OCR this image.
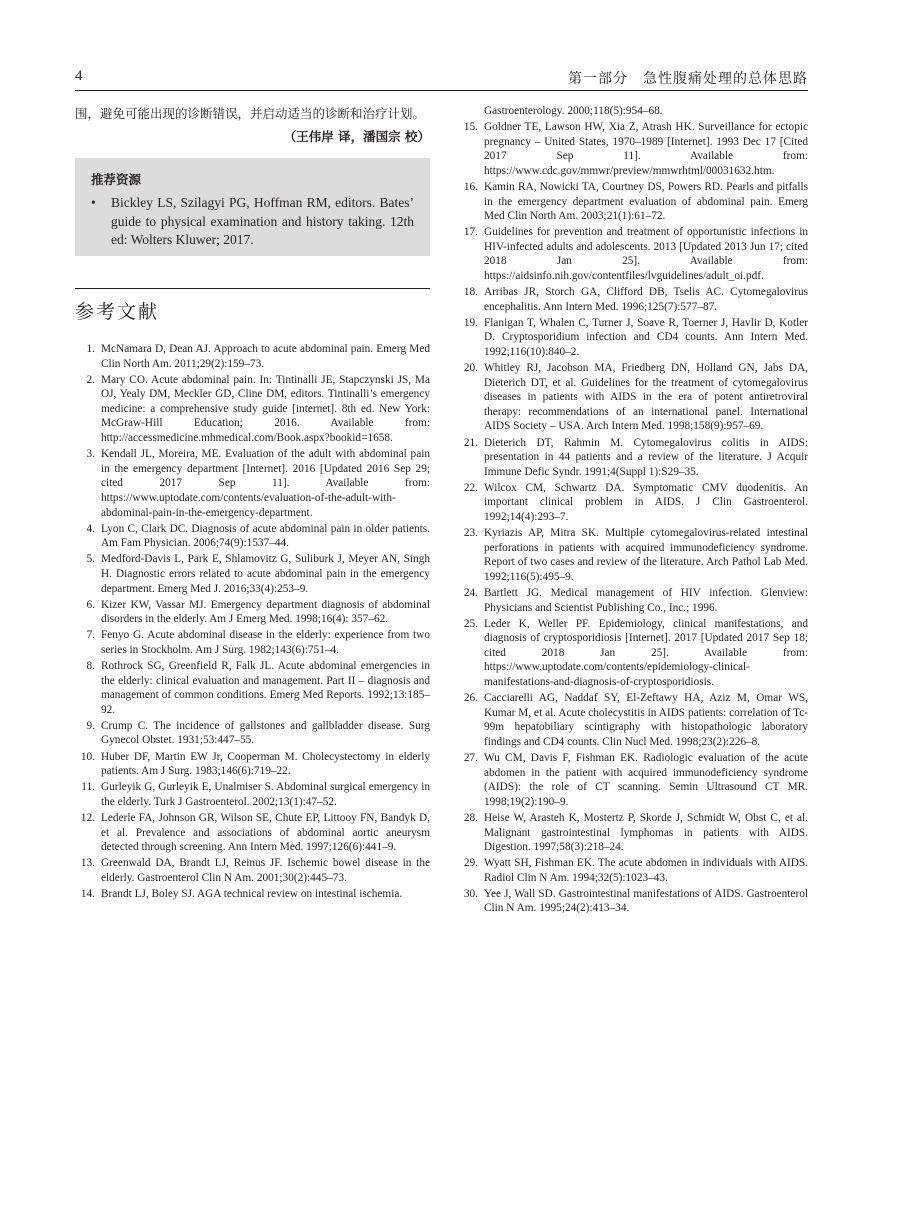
4	第一部分　急性腹痛处理的总体思路
围，避免可能出现的诊断错误，并启动适当的诊断和治疗计划。
（王伟岸 译，潘国宗 校）
推荐资源
•	Bickley LS, Szilagyi PG, Hoffman RM, editors. Bates’ guide to physical examination and history taking. 12th ed: Wolters Kluwer; 2017.
参考文献
1. McNamara D, Dean AJ. Approach to acute abdominal pain. Emerg Med Clin North Am. 2011;29(2):159–73.
2. Mary CO. Acute abdominal pain. In: Tintinalli JE, Stapczynski JS, Ma OJ, Yealy DM, Meckler GD, Cline DM, editors. Tintinalli’s emergency medicine: a comprehensive study guide [internet]. 8th ed. New York: McGraw-Hill Education; 2016. Available from: http://accessmedicine.mhmedical.com/Book.aspx?bookid=1658.
3. Kendall JL, Moreira, ME. Evaluation of the adult with abdominal pain in the emergency department [Internet]. 2016 [Updated 2016 Sep 29; cited 2017 Sep 11]. Available from: https://www.uptodate.com/contents/evaluation-of-the-adult-with-abdominal-pain-in-the-emergency-department.
4. Lyon C, Clark DC. Diagnosis of acute abdominal pain in older patients. Am Fam Physician. 2006;74(9):1537–44.
5. Medford-Davis L, Park E, Shlamovitz G, Suliburk J, Meyer AN, Singh H. Diagnostic errors related to acute abdominal pain in the emergency department. Emerg Med J. 2016;33(4):253–9.
6. Kizer KW, Vassar MJ. Emergency department diagnosis of abdominal disorders in the elderly. Am J Emerg Med. 1998;16(4): 357–62.
7. Fenyo G. Acute abdominal disease in the elderly: experience from two series in Stockholm. Am J Surg. 1982;143(6):751–4.
8. Rothrock SG, Greenfield R, Falk JL. Acute abdominal emergencies in the elderly: clinical evaluation and management. Part II – diagnosis and management of common conditions. Emerg Med Reports. 1992;13:185–92.
9. Crump C. The incidence of gallstones and gallbladder disease. Surg Gynecol Obstet. 1931;53:447–55.
10. Huber DF, Martin EW Jr, Cooperman M. Cholecystectomy in elderly patients. Am J Surg. 1983;146(6):719–22.
11. Gurleyik G, Gurleyik E, Unalmiser S. Abdominal surgical emergency in the elderly. Turk J Gastroenterol. 2002;13(1):47–52.
12. Lederle FA, Johnson GR, Wilson SE, Chute EP, Littooy FN, Bandyk D, et al. Prevalence and associations of abdominal aortic aneurysm detected through screening. Ann Intern Med. 1997;126(6):441–9.
13. Greenwald DA, Brandt LJ, Reinus JF. Ischemic bowel disease in the elderly. Gastroenterol Clin N Am. 2001;30(2):445–73.
14. Brandt LJ, Boley SJ. AGA technical review on intestinal ischemia.
Gastroenterology. 2000;118(5):954–68.
15. Goldner TE, Lawson HW, Xia Z, Atrash HK. Surveillance for ectopic pregnancy – United States, 1970–1989 [Internet]. 1993 Dec 17 [Cited 2017 Sep 11]. Available from: https://www.cdc.gov/mmwr/preview/mmwrhtml/00031632.htm.
16. Kamin RA, Nowicki TA, Courtney DS, Powers RD. Pearls and pitfalls in the emergency department evaluation of abdominal pain. Emerg Med Clin North Am. 2003;21(1):61–72.
17. Guidelines for prevention and treatment of opportunistic infections in HIV-infected adults and adolescents. 2013 [Updated 2013 Jun 17; cited 2018 Jan 25]. Available from: https://aidsinfo.nih.gov/contentfiles/lvguidelines/adult_oi.pdf.
18. Arribas JR, Storch GA, Clifford DB, Tselis AC. Cytomegalovirus encephalitis. Ann Intern Med. 1996;125(7):577–87.
19. Flanigan T, Whalen C, Turner J, Soave R, Toerner J, Havlir D, Kotler D. Cryptosporidium infection and CD4 counts. Ann Intern Med. 1992;116(10):840–2.
20. Whitley RJ, Jacobson MA, Friedberg DN, Holland GN, Jabs DA, Dieterich DT, et al. Guidelines for the treatment of cytomegalovirus diseases in patients with AIDS in the era of potent antiretroviral therapy: recommendations of an international panel. International AIDS Society – USA. Arch Intern Med. 1998;158(9):957–69.
21. Dieterich DT, Rahmin M. Cytomegalovirus colitis in AIDS: presentation in 44 patients and a review of the literature. J Acquir Immune Defic Syndr. 1991;4(Suppl 1):S29–35.
22. Wilcox CM, Schwartz DA. Symptomatic CMV duodenitis. An important clinical problem in AIDS. J Clin Gastroenterol. 1992;14(4):293–7.
23. Kyriazis AP, Mitra SK. Multiple cytomegalovirus-related intestinal perforations in patients with acquired immunodeficiency syndrome. Report of two cases and review of the literature. Arch Pathol Lab Med. 1992;116(5):495–9.
24. Bartlett JG. Medical management of HIV infection. Glenview: Physicians and Scientist Publishing Co., Inc.; 1996.
25. Leder K, Weller PF. Epidemiology, clinical manifestations, and diagnosis of cryptosporidiosis [Internet]. 2017 [Updated 2017 Sep 18; cited 2018 Jan 25]. Available from: https://www.uptodate.com/contents/epidemiology-clinical-manifestations-and-diagnosis-of-cryptosporidiosis.
26. Cacciarelli AG, Naddaf SY, El-Zeftawy HA, Aziz M, Omar WS, Kumar M, et al. Acute cholecystitis in AIDS patients: correlation of Tc-99m hepatobiliary scintigraphy with histopathologic laboratory findings and CD4 counts. Clin Nucl Med. 1998;23(2):226–8.
27. Wu CM, Davis F, Fishman EK. Radiologic evaluation of the acute abdomen in the patient with acquired immunodeficiency syndrome (AIDS): the role of CT scanning. Semin Ultrasound CT MR. 1998;19(2):190–9.
28. Heise W, Arasteh K, Mostertz P, Skorde J, Schmidt W, Obst C, et al. Malignant gastrointestinal lymphomas in patients with AIDS. Digestion. 1997;58(3):218–24.
29. Wyatt SH, Fishman EK. The acute abdomen in individuals with AIDS. Radiol Clin N Am. 1994;32(5):1023–43.
30. Yee J, Wall SD. Gastrointestinal manifestations of AIDS. Gastroenterol Clin N Am. 1995;24(2):413–34.
